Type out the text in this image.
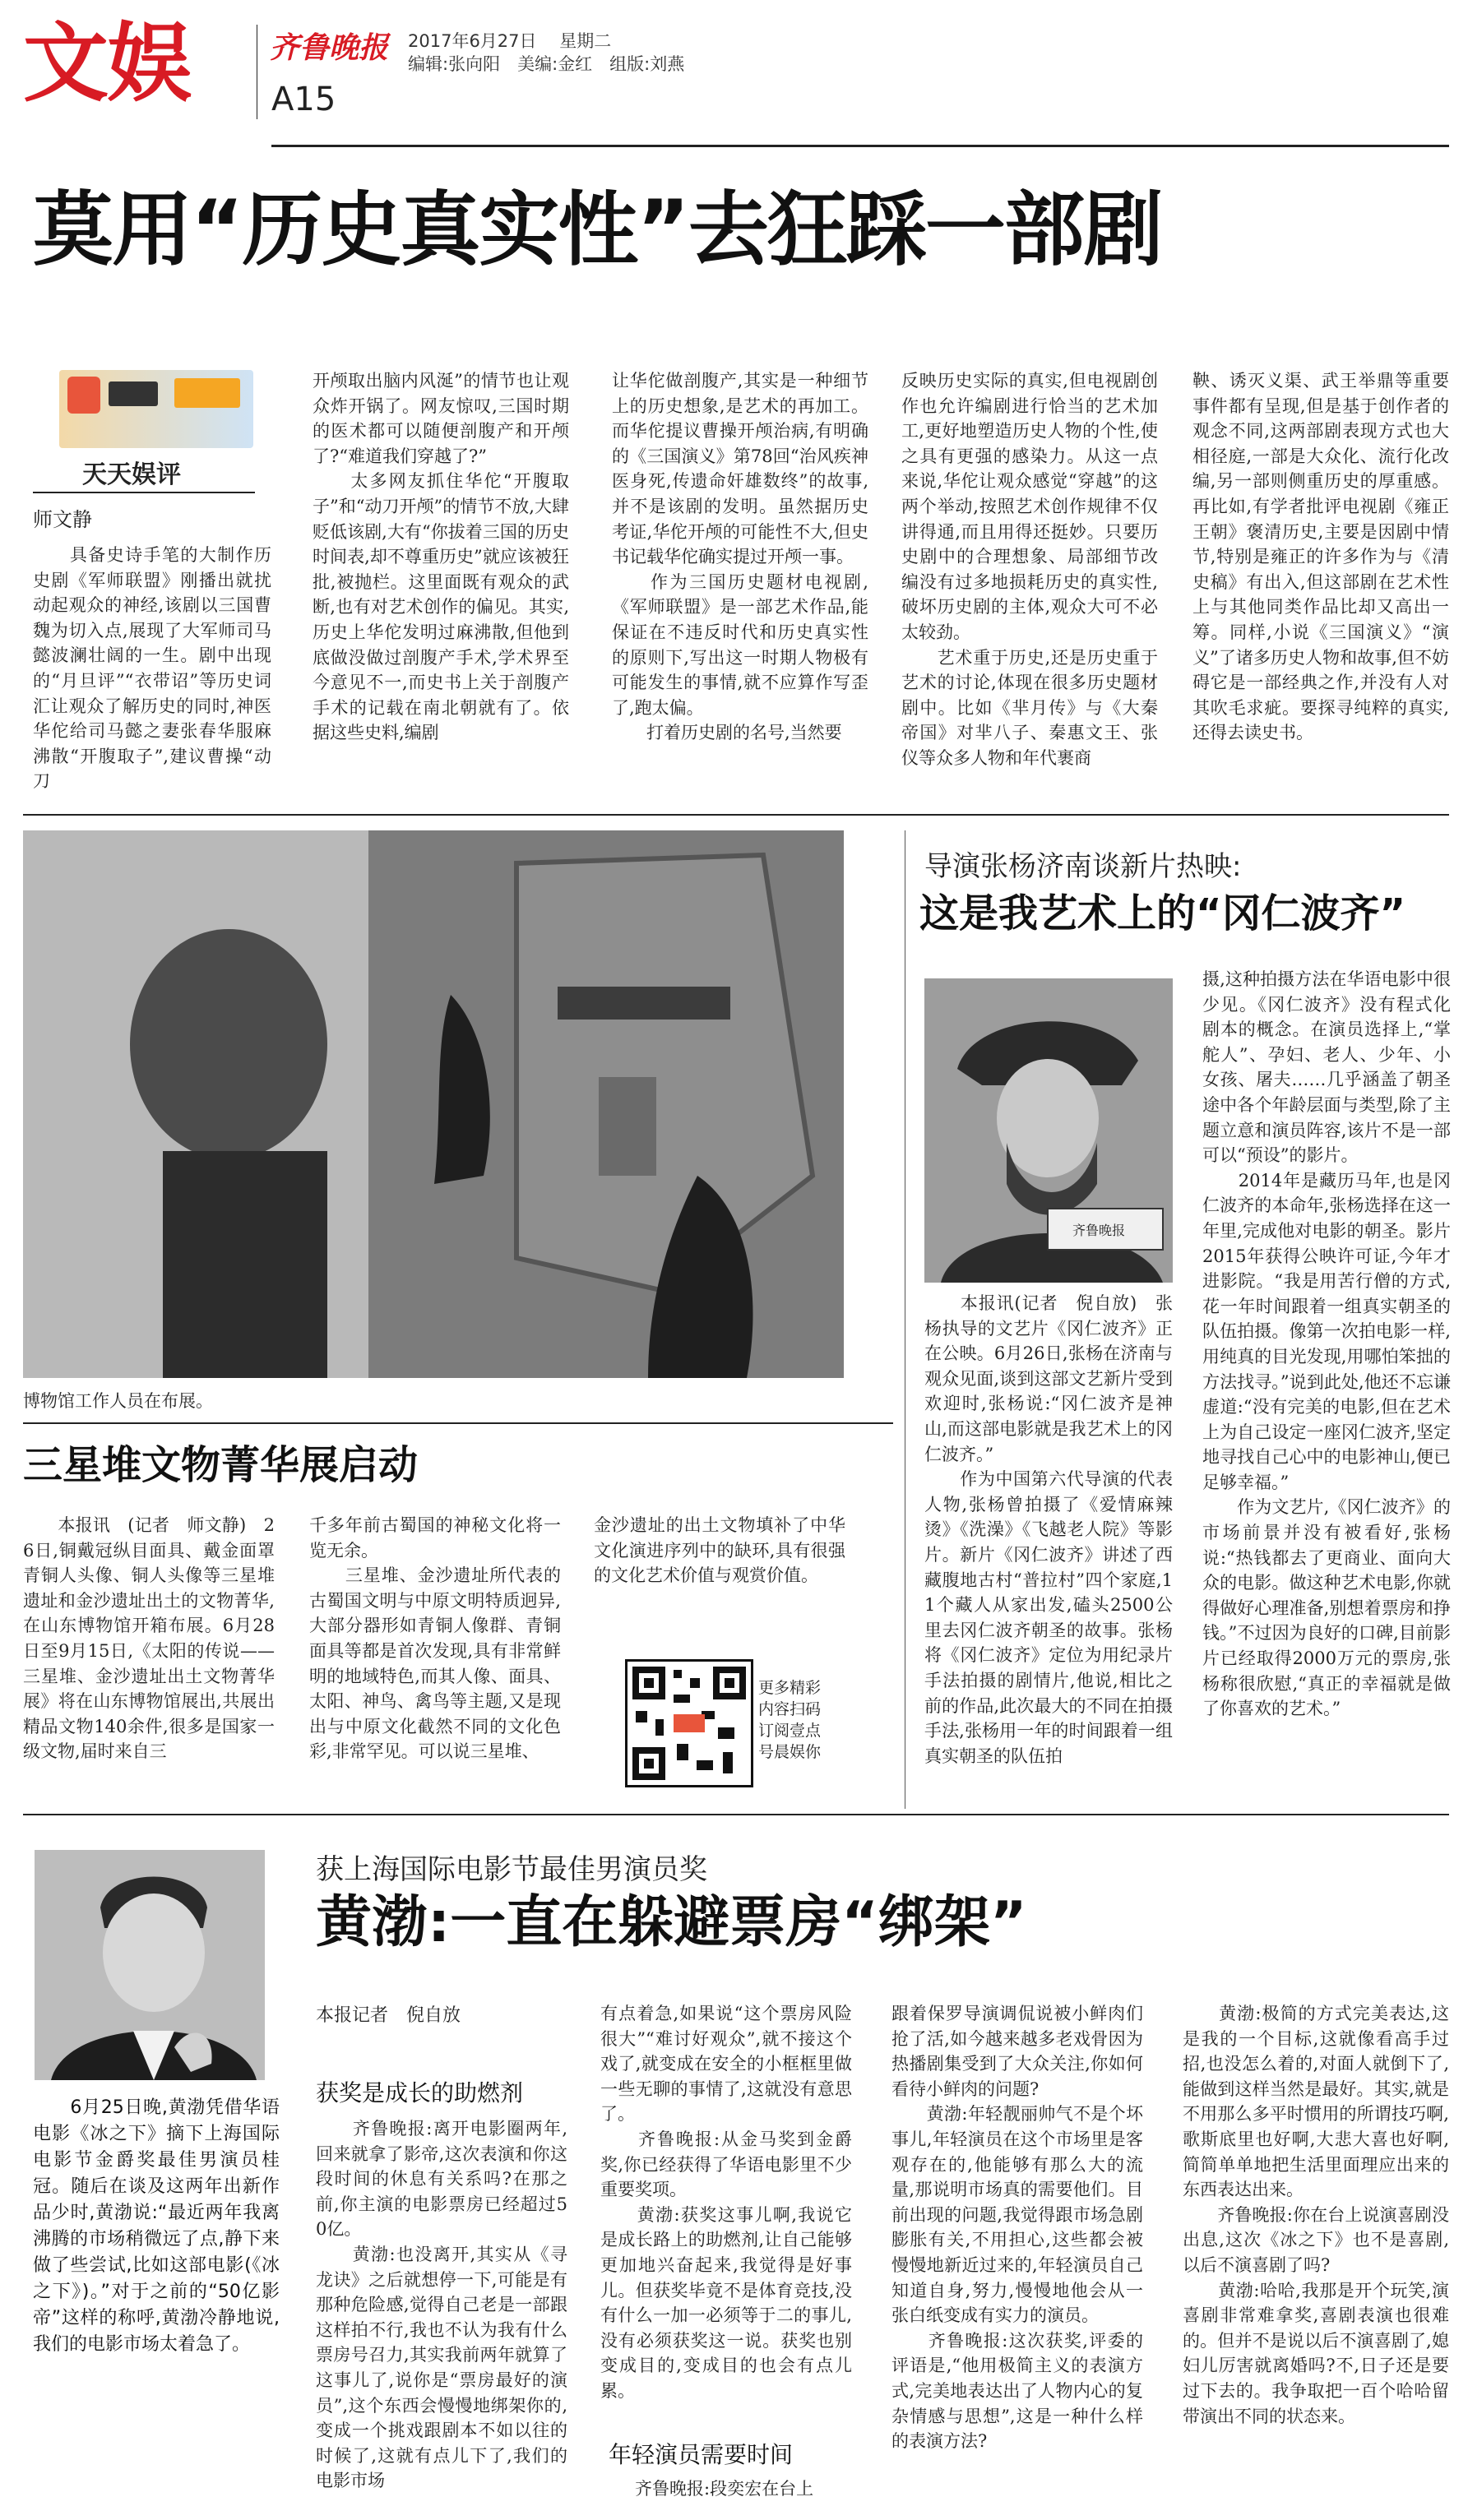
文娱	齐鲁晚报 2017年6月27日　 星期二
编辑:张向阳　美编:金红　组版:刘燕
A15
莫用“历史真实性”去狂踩一部剧
天天娱评
师文静
　　具备史诗手笔的大制作历史剧《军师联盟》刚播出就扰动起观众的神经,该剧以三国曹魏为切入点,展现了大军师司马懿波澜壮阔的一生。剧中出现的“月旦评”“衣带诏”等历史词汇让观众了解历史的同时,神医华佗给司马懿之妻张春华服麻沸散“开腹取子”,建议曹操“动刀
开颅取出脑内风涎”的情节也让观众炸开锅了。网友惊叹,三国时期的医术都可以随便剖腹产和开颅了?“难道我们穿越了?”
　　太多网友抓住华佗“开腹取子”和“动刀开颅”的情节不放,大肆贬低该剧,大有“你拔着三国的历史时间表,却不尊重历史”就应该被狂批,被抛栏。这里面既有观众的武断,也有对艺术创作的偏见。其实,历史上华佗发明过麻沸散,但他到底做没做过剖腹产手术,学术界至今意见不一,而史书上关于剖腹产手术的记载在南北朝就有了。依据这些史料,编剧
让华佗做剖腹产,其实是一种细节上的历史想象,是艺术的再加工。而华佗提议曹操开颅治病,有明确的《三国演义》第78回“治风疾神医身死,传遗命奸雄数终”的故事,并不是该剧的发明。虽然据历史考证,华佗开颅的可能性不大,但史书记载华佗确实提过开颅一事。
　　作为三国历史题材电视剧,《军师联盟》是一部艺术作品,能保证在不违反时代和历史真实性的原则下,写出这一时期人物极有可能发生的事情,就不应算作写歪了,跑太偏。
　　打着历史剧的名号,当然要
反映历史实际的真实,但电视剧创作也允许编剧进行恰当的艺术加工,更好地塑造历史人物的个性,使之具有更强的感染力。从这一点来说,华佗让观众感觉“穿越”的这两个举动,按照艺术创作规律不仅讲得通,而且用得还挺妙。只要历史剧中的合理想象、局部细节改编没有过多地损耗历史的真实性,破坏历史剧的主体,观众大可不必太较劲。
　　艺术重于历史,还是历史重于艺术的讨论,体现在很多历史题材剧中。比如《芈月传》与《大秦帝国》对芈八子、秦惠文王、张仪等众多人物和年代裹商
鞅、诱灭义渠、武王举鼎等重要事件都有呈现,但是基于创作者的观念不同,这两部剧表现方式也大相径庭,一部是大众化、流行化改编,另一部则侧重历史的厚重感。再比如,有学者批评电视剧《雍正王朝》褒清历史,主要是因剧中情节,特别是雍正的许多作为与《清史稿》有出入,但这部剧在艺术性上与其他同类作品比却又高出一筹。同样,小说《三国演义》“演义”了诸多历史人物和故事,但不妨碍它是一部经典之作,并没有人对其吹毛求疵。要探寻纯粹的真实,还得去读史书。
博物馆工作人员在布展。
三星堆文物菁华展启动
　　本报讯　(记者　师文静)　26日,铜戴冠纵目面具、戴金面罩青铜人头像、铜人头像等三星堆遗址和金沙遗址出土的文物菁华,在山东博物馆开箱布展。6月28日至9月15日,《太阳的传说——三星堆、金沙遗址出土文物菁华展》将在山东博物馆展出,共展出精品文物140余件,很多是国家一级文物,届时来自三
千多年前古蜀国的神秘文化将一览无余。
　　三星堆、金沙遗址所代表的古蜀国文明与中原文明特质迥异,大部分器形如青铜人像群、青铜面具等都是首次发现,具有非常鲜明的地域特色,而其人像、面具、太阳、神鸟、禽鸟等主题,又是现出与中原文化截然不同的文化色彩,非常罕见。可以说三星堆、
金沙遗址的出土文物填补了中华文化演进序列中的缺环,具有很强的文化艺术价值与观赏价值。
更多精彩
内容扫码
订阅壹点
号晨娱你
导演张杨济南谈新片热映:
这是我艺术上的“冈仁波齐”
齐鲁晚报
　　本报讯(记者　倪自放)　张杨执导的文艺片《冈仁波齐》正在公映。6月26日,张杨在济南与观众见面,谈到这部文艺新片受到欢迎时,张杨说:“冈仁波齐是神山,而这部电影就是我艺术上的冈仁波齐。”
　　作为中国第六代导演的代表人物,张杨曾拍摄了《爱情麻辣烫》《洗澡》《飞越老人院》等影片。新片《冈仁波齐》讲述了西藏腹地古村“普拉村”四个家庭,11个藏人从家出发,磕头2500公里去冈仁波齐朝圣的故事。张杨将《冈仁波齐》定位为用纪录片手法拍摄的剧情片,他说,相比之前的作品,此次最大的不同在拍摄手法,张杨用一年的时间跟着一组真实朝圣的队伍拍
摄,这种拍摄方法在华语电影中很少见。《冈仁波齐》没有程式化剧本的概念。在演员选择上,“掌舵人”、孕妇、老人、少年、小女孩、屠夫……几乎涵盖了朝圣途中各个年龄层面与类型,除了主题立意和演员阵容,该片不是一部可以“预设”的影片。
　　2014年是藏历马年,也是冈仁波齐的本命年,张杨选择在这一年里,完成他对电影的朝圣。影片2015年获得公映许可证,今年才进影院。“我是用苦行僧的方式,花一年时间跟着一组真实朝圣的队伍拍摄。像第一次拍电影一样,用纯真的目光发现,用哪怕笨拙的方法找寻。”说到此处,他还不忘谦虚道:“没有完美的电影,但在艺术上为自己设定一座冈仁波齐,坚定地寻找自己心中的电影神山,便已足够幸福。”
　　作为文艺片,《冈仁波齐》的市场前景并没有被看好,张杨说:“热钱都去了更商业、面向大众的电影。做这种艺术电影,你就得做好心理准备,别想着票房和挣钱。”不过因为良好的口碑,目前影片已经取得2000万元的票房,张杨称很欣慰,“真正的幸福就是做了你喜欢的艺术。”
　　6月25日晚,黄渤凭借华语电影《冰之下》摘下上海国际电影节金爵奖最佳男演员桂冠。随后在谈及这两年出新作品少时,黄渤说:“最近两年我离沸腾的市场稍微远了点,静下来做了些尝试,比如这部电影(《冰之下》)。”对于之前的“50亿影帝”这样的称呼,黄渤冷静地说,我们的电影市场太着急了。
获上海国际电影节最佳男演员奖
黄渤:一直在躲避票房“绑架”
本报记者　倪自放
获奖是成长的助燃剂
　　齐鲁晚报:离开电影圈两年,回来就拿了影帝,这次表演和你这段时间的休息有关系吗?在那之前,你主演的电影票房已经超过50亿。
　　黄渤:也没离开,其实从《寻龙诀》之后就想停一下,可能是有那种危险感,觉得自己老是一部跟这样拍不行,我也不认为我有什么票房号召力,其实我前两年就算了这事儿了,说你是“票房最好的演员”,这个东西会慢慢地绑架你的,变成一个挑戏跟剧本不如以往的时候了,这就有点儿下了,我们的电影市场
有点着急,如果说“这个票房风险很大”“难讨好观众”,就不接这个戏了,就变成在安全的小框框里做一些无聊的事情了,这就没有意思了。
　　齐鲁晚报:从金马奖到金爵奖,你已经获得了华语电影里不少重要奖项。
　　黄渤:获奖这事儿啊,我说它是成长路上的助燃剂,让自己能够更加地兴奋起来,我觉得是好事儿。但获奖毕竟不是体育竞技,没有什么一加一必须等于二的事儿,没有必须获奖这一说。获奖也别变成目的,变成目的也会有点儿累。
年轻演员需要时间
　　齐鲁晚报:段奕宏在台上
跟着保罗导演调侃说被小鲜肉们抢了活,如今越来越多老戏骨因为热播剧集受到了大众关注,你如何看待小鲜肉的问题?
　　黄渤:年轻靓丽帅气不是个坏事儿,年轻演员在这个市场里是客观存在的,他能够有那么大的流量,那说明市场真的需要他们。目前出现的问题,我觉得跟市场急剧膨胀有关,不用担心,这些都会被慢慢地新近过来的,年轻演员自己知道自身,努力,慢慢地他会从一张白纸变成有实力的演员。
　　齐鲁晚报:这次获奖,评委的评语是,“他用极简主义的表演方式,完美地表达出了人物内心的复杂情感与思想”,这是一种什么样的表演方法?
　　黄渤:极简的方式完美表达,这是我的一个目标,这就像看高手过招,也没怎么着的,对面人就倒下了,能做到这样当然是最好。其实,就是不用那么多平时惯用的所谓技巧啊,歌斯底里也好啊,大悲大喜也好啊,简简单单地把生活里面理应出来的东西表达出来。
　　齐鲁晚报:你在台上说演喜剧没出息,这次《冰之下》也不是喜剧,以后不演喜剧了吗?
　　黄渤:哈哈,我那是开个玩笑,演喜剧非常难拿奖,喜剧表演也很难的。但并不是说以后不演喜剧了,媳妇儿厉害就离婚吗?不,日子还是要过下去的。我争取把一百个哈哈留带演出不同的状态来。
